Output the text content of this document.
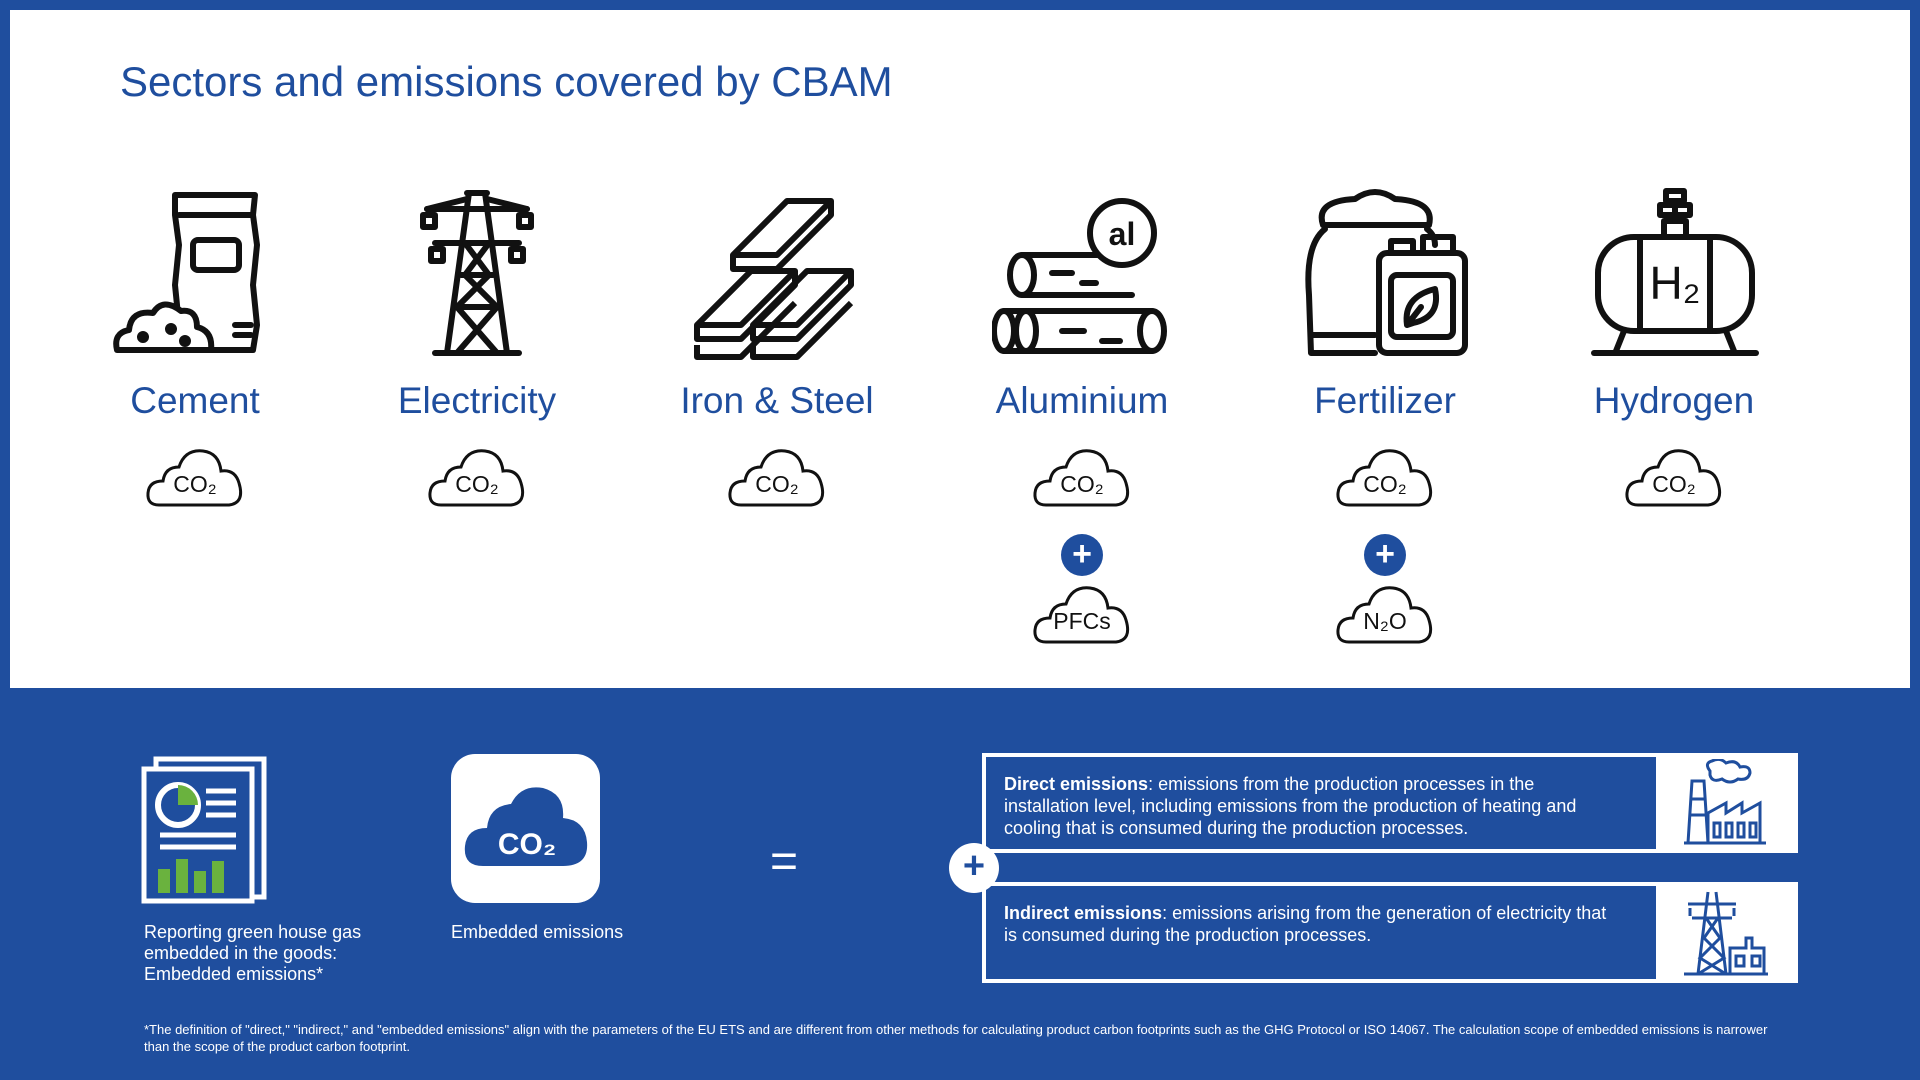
Sectors and emissions covered by CBAM
Cement
CO₂
Electricity
CO₂
Iron & Steel
CO₂
al
Aluminium
CO₂
+
PFCs
Fertilizer
CO₂
+
N₂O
H₂
Hydrogen
CO₂
Reporting green house gas embedded in the goods: Embedded emissions*
CO₂
Embedded emissions
=
Direct emissions: emissions from the production processes in the installation level, including emissions from the production of heating and cooling that is consumed during the production processes.
+
Indirect emissions: emissions arising from the generation of electricity that is consumed during the production processes.
*The definition of "direct," "indirect," and "embedded emissions" align with the parameters of the EU ETS and are different from other methods for calculating product carbon footprints such as the GHG Protocol or ISO 14067. The calculation scope of embedded emissions is narrower than the scope of the product carbon footprint.
